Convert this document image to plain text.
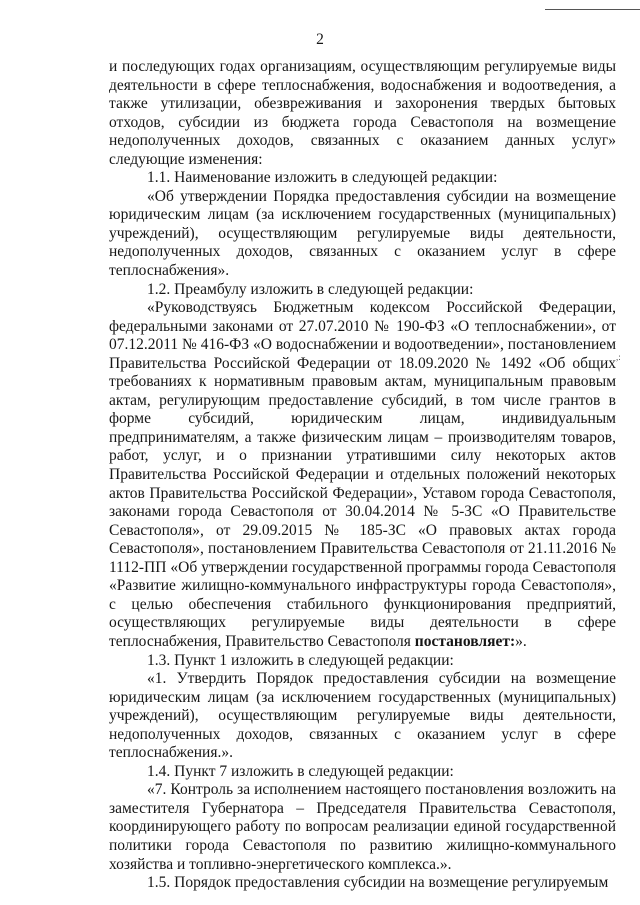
2
,:

и последующих годах организациям, осуществляющим регулируемые виды деятельности в сфере теплоснабжения, водоснабжения и водоотведения, а также утилизации, обезвреживания и захоронения твердых бытовых отходов, субсидии из бюджета города Севастополя на возмещение недополученных доходов, связанных с оказанием данных услуг» следующие изменения:

1.1. Наименование изложить в следующей редакции:

«Об утверждении Порядка предоставления субсидии на возмещение юридическим лицам (за исключением государственных (муниципальных) учреждений), осуществляющим регулируемые виды деятельности, недополученных доходов, связанных с оказанием услуг в сфере теплоснабжения».

1.2. Преамбулу изложить в следующей редакции:

«Руководствуясь Бюджетным кодексом Российской Федерации, федеральными законами от 27.07.2010 № 190-ФЗ «О теплоснабжении», от 07.12.2011 № 416-ФЗ «О водоснабжении и водоотведении», постановлением Правительства Российской Федерации от 18.09.2020 № 1492 «Об общих требованиях к нормативным правовым актам, муниципальным правовым актам, регулирующим предоставление субсидий, в том числе грантов в форме субсидий, юридическим лицам, индивидуальным предпринимателям, а также физическим лицам – производителям товаров, работ, услуг, и о признании утратившими силу некоторых актов Правительства Российской Федерации и отдельных положений некоторых актов Правительства Российской Федерации», Уставом города Севастополя, законами города Севастополя от 30.04.2014 № 5-ЗС «О Правительстве Севастополя», от 29.09.2015 № 185-ЗС «О правовых актах города Севастополя», постановлением Правительства Севастополя от 21.11.2016 № 1112-ПП «Об утверждении государственной программы города Севастополя «Развитие жилищно-коммунального инфраструктуры города Севастополя», с целью обеспечения стабильного функционирования предприятий, осуществляющих регулируемые виды деятельности в сфере теплоснабжения, Правительство Севастополя постановляет:».

1.3. Пункт 1 изложить в следующей редакции:

«1. Утвердить Порядок предоставления субсидии на возмещение юридическим лицам (за исключением государственных (муниципальных) учреждений), осуществляющим регулируемые виды деятельности, недополученных доходов, связанных с оказанием услуг в сфере теплоснабжения.».

1.4. Пункт 7 изложить в следующей редакции:

«7. Контроль за исполнением настоящего постановления возложить на заместителя Губернатора – Председателя Правительства Севастополя, координирующего работу по вопросам реализации единой государственной политики города Севастополя по развитию жилищно-коммунального хозяйства и топливно-энергетического комплекса.».

1.5. Порядок предоставления субсидии на возмещение регулируемым
